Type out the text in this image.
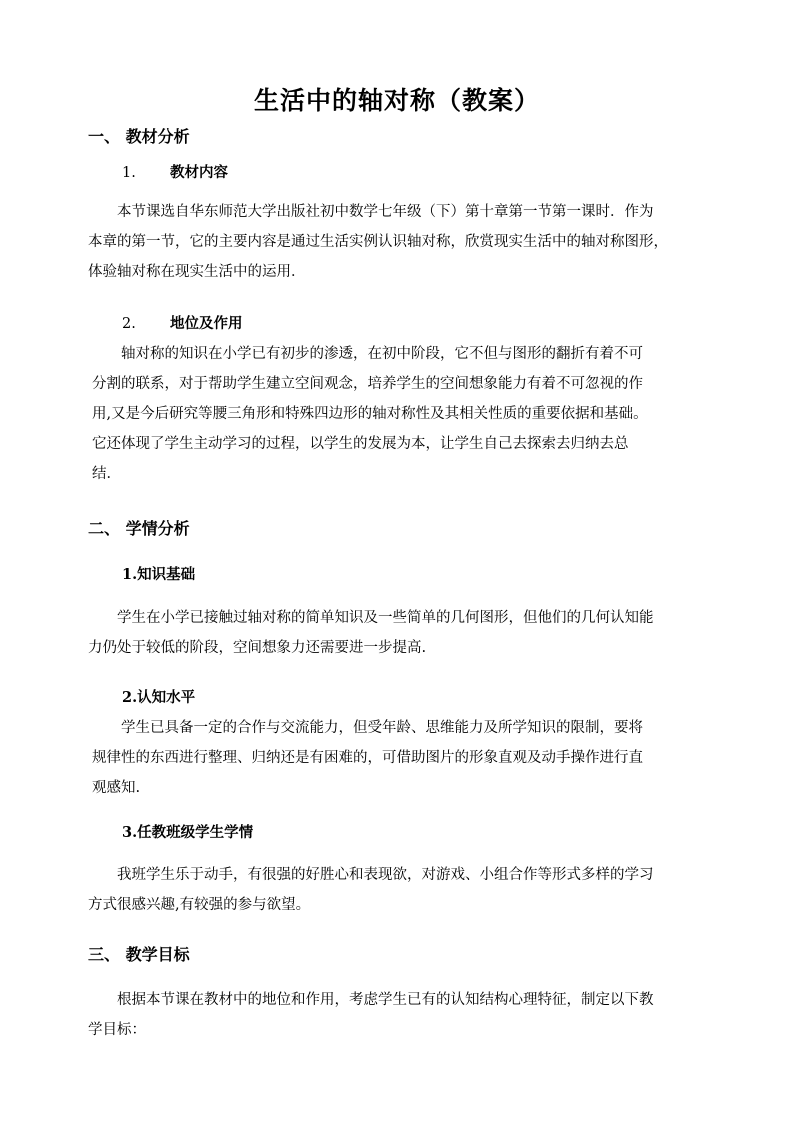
生活中的轴对称（教案）
一、 教材分析
1. 教材内容
本节课选自华东师范大学出版社初中数学七年级（下）第十章第一节第一课时．作为
本章的第一节，它的主要内容是通过生活实例认识轴对称，欣赏现实生活中的轴对称图形，
体验轴对称在现实生活中的运用．
2. 地位及作用
轴对称的知识在小学已有初步的渗透，在初中阶段，它不但与图形的翻折有着不可
分割的联系，对于帮助学生建立空间观念，培养学生的空间想象能力有着不可忽视的作
用,又是今后研究等腰三角形和特殊四边形的轴对称性及其相关性质的重要依据和基础。
它还体现了学生主动学习的过程，以学生的发展为本，让学生自己去探索去归纳去总
结．
二、 学情分析
1.知识基础
学生在小学已接触过轴对称的简单知识及一些简单的几何图形，但他们的几何认知能
力仍处于较低的阶段，空间想象力还需要进一步提高.
2.认知水平
学生已具备一定的合作与交流能力，但受年龄、思维能力及所学知识的限制，要将
规律性的东西进行整理、归纳还是有困难的，可借助图片的形象直观及动手操作进行直
观感知.
3.任教班级学生学情
我班学生乐于动手，有很强的好胜心和表现欲，对游戏、小组合作等形式多样的学习
方式很感兴趣,有较强的参与欲望。
三、 教学目标
根据本节课在教材中的地位和作用，考虑学生已有的认知结构心理特征，制定以下教
学目标：
